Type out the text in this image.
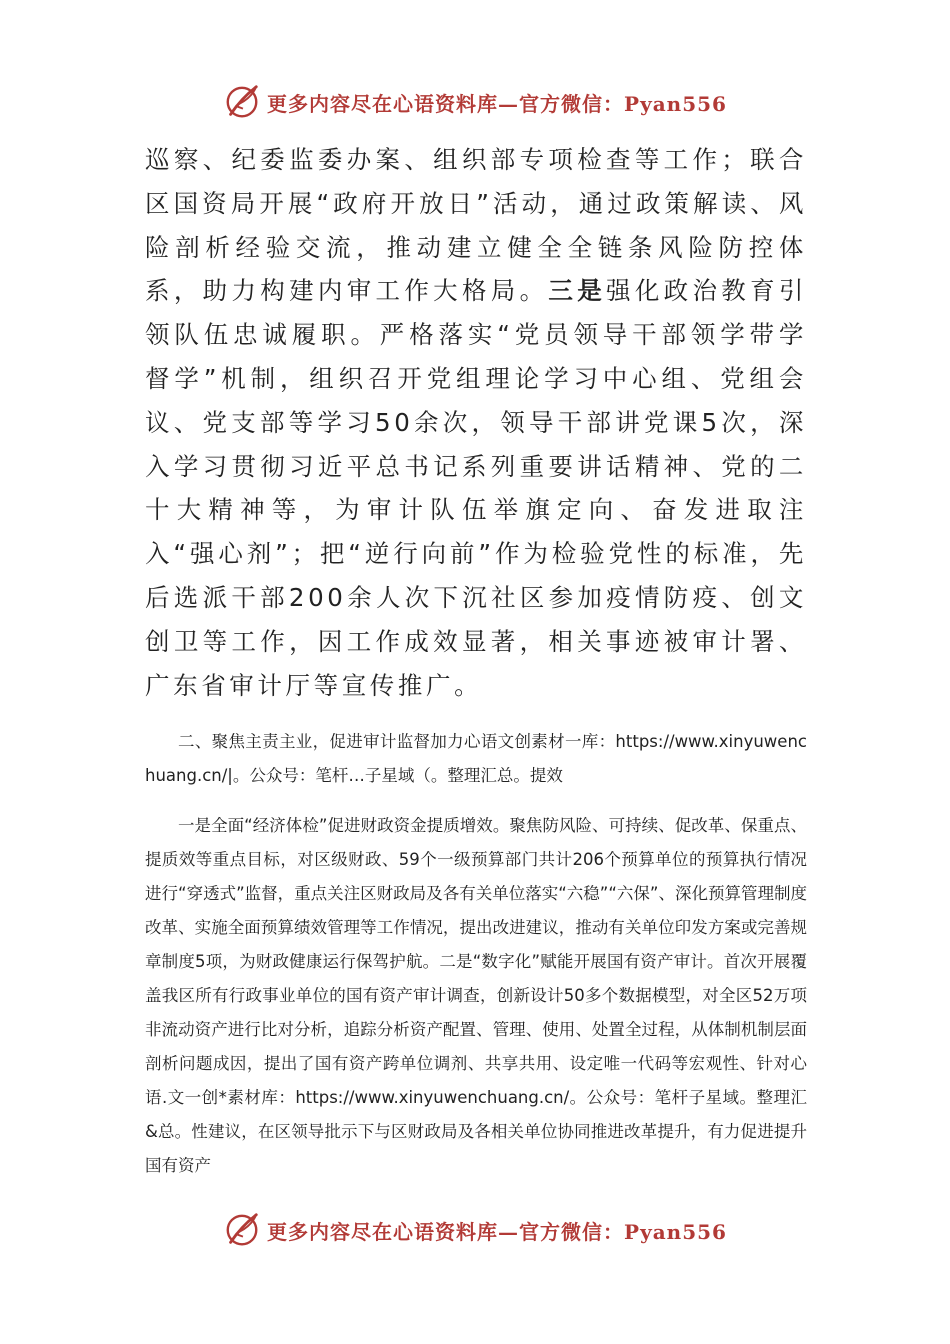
更多内容尽在心语资料库—官方微信：Pyan556

巡察、纪委监委办案、组织部专项检查等工作；联合区国资局开展“政府开放日”活动，通过政策解读、风险剖析经验交流，推动建立健全全链条风险防控体系，助力构建内审工作大格局。三是强化政治教育引领队伍忠诚履职。严格落实“党员领导干部领学带学督学”机制，组织召开党组理论学习中心组、党组会议、党支部等学习50余次，领导干部讲党课5次，深入学习贯彻习近平总书记系列重要讲话精神、党的二十大精神等，为审计队伍举旗定向、奋发进取注入“强心剂”；把“逆行向前”作为检验党性的标准，先后选派干部200余人次下沉社区参加疫情防疫、创文创卫等工作，因工作成效显著，相关事迹被审计署、广东省审计厅等宣传推广。

二、聚焦主责主业，促进审计监督加力心语文创素材一库：https://www.xinyuwenchuang.cn/|。公众号：笔杆…子星域（。整理汇总。提效

一是全面“经济体检”促进财政资金提质增效。聚焦防风险、可持续、促改革、保重点、提质效等重点目标，对区级财政、59个一级预算部门共计206个预算单位的预算执行情况进行“穿透式”监督，重点关注区财政局及各有关单位落实“六稳”“六保”、深化预算管理制度改革、实施全面预算绩效管理等工作情况，提出改进建议，推动有关单位印发方案或完善规章制度5项，为财政健康运行保驾护航。二是“数字化”赋能开展国有资产审计。首次开展覆盖我区所有行政事业单位的国有资产审计调查，创新设计50多个数据模型，对全区52万项非流动资产进行比对分析，追踪分析资产配置、管理、使用、处置全过程，从体制机制层面剖析问题成因，提出了国有资产跨单位调剂、共享共用、设定唯一代码等宏观性、针对心语.文一创*素材库：https://www.xinyuwenchuang.cn/。公众号：笔杆子星域。整理汇&总。性建议，在区领导批示下与区财政局及各相关单位协同推进改革提升，有力促进提升国有资产

更多内容尽在心语资料库—官方微信：Pyan556
